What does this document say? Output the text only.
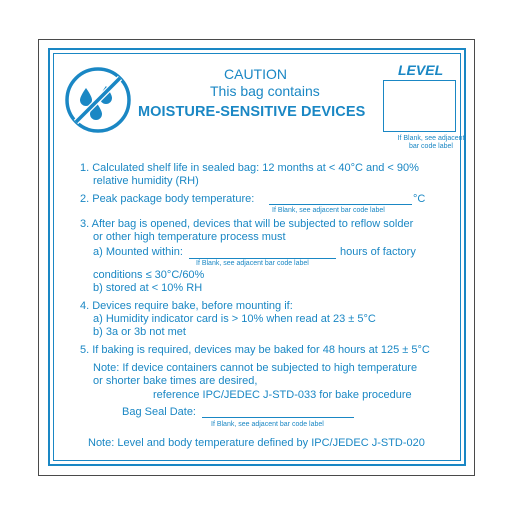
CAUTION
This bag contains
MOISTURE-SENSITIVE DEVICES
LEVEL
If Blank, see adjacent bar code label
1. Calculated shelf life in sealed bag: 12 months at < 40°C and < 90%
relative humidity (RH)
2. Peak package body temperature:	°C
If Blank, see adjacent bar code label
3. After bag is opened, devices that will be subjected to reflow solder
or other high temperature process must
a) Mounted within:	hours of factory
If Blank, see adjacent bar code label
conditions ≤ 30°C/60%
b) stored at < 10% RH
4. Devices require bake, before mounting if:
a) Humidity indicator card is > 10% when read at 23 ± 5°C
b) 3a or 3b not met
5. If baking is required, devices may be baked for 48 hours at 125 ± 5°C
Note: If device containers cannot be subjected to high temperature
or shorter bake times are desired,
reference IPC/JEDEC J-STD-033 for bake procedure
Bag Seal Date:
If Blank, see adjacent bar code label
Note: Level and body temperature defined by IPC/JEDEC J-STD-020
